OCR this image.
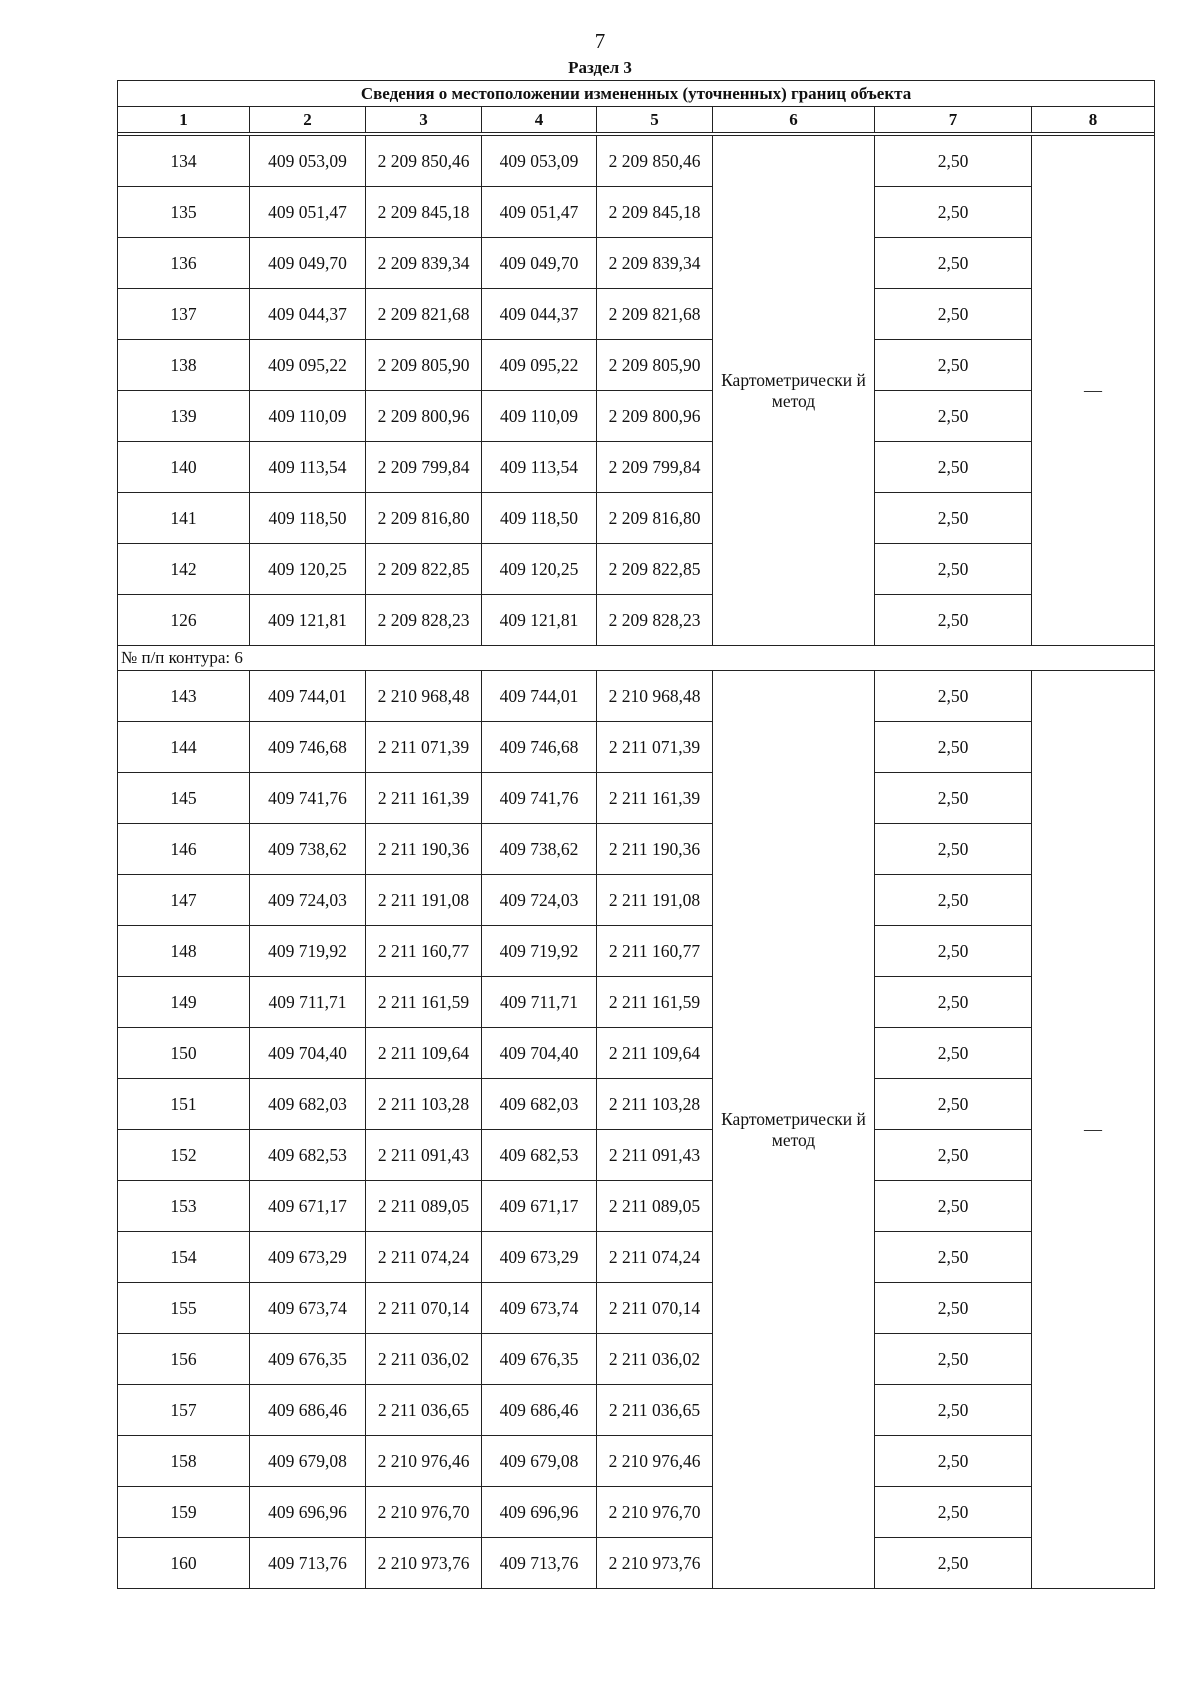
7
Раздел 3
Сведения о местоположении измененных (уточненных) границ объекта							
1	2	3	4	5	6	7	8

134	409 053,09	2 209 850,46	409 053,09	2 209 850,46	Картометрически й метод	2,50	—
135	409 051,47	2 209 845,18	409 051,47	2 209 845,18		2,50	
136	409 049,70	2 209 839,34	409 049,70	2 209 839,34		2,50	
137	409 044,37	2 209 821,68	409 044,37	2 209 821,68		2,50	
138	409 095,22	2 209 805,90	409 095,22	2 209 805,90		2,50	
139	409 110,09	2 209 800,96	409 110,09	2 209 800,96		2,50	
140	409 113,54	2 209 799,84	409 113,54	2 209 799,84		2,50	
141	409 118,50	2 209 816,80	409 118,50	2 209 816,80		2,50	
142	409 120,25	2 209 822,85	409 120,25	2 209 822,85		2,50	
126	409 121,81	2 209 828,23	409 121,81	2 209 828,23		2,50	
№ п/п контура: 6							
143	409 744,01	2 210 968,48	409 744,01	2 210 968,48	Картометрически й метод	2,50	—
144	409 746,68	2 211 071,39	409 746,68	2 211 071,39		2,50	
145	409 741,76	2 211 161,39	409 741,76	2 211 161,39		2,50	
146	409 738,62	2 211 190,36	409 738,62	2 211 190,36		2,50	
147	409 724,03	2 211 191,08	409 724,03	2 211 191,08		2,50	
148	409 719,92	2 211 160,77	409 719,92	2 211 160,77		2,50	
149	409 711,71	2 211 161,59	409 711,71	2 211 161,59		2,50	
150	409 704,40	2 211 109,64	409 704,40	2 211 109,64		2,50	
151	409 682,03	2 211 103,28	409 682,03	2 211 103,28		2,50	
152	409 682,53	2 211 091,43	409 682,53	2 211 091,43		2,50	
153	409 671,17	2 211 089,05	409 671,17	2 211 089,05		2,50	
154	409 673,29	2 211 074,24	409 673,29	2 211 074,24		2,50	
155	409 673,74	2 211 070,14	409 673,74	2 211 070,14		2,50	
156	409 676,35	2 211 036,02	409 676,35	2 211 036,02		2,50	
157	409 686,46	2 211 036,65	409 686,46	2 211 036,65		2,50	
158	409 679,08	2 210 976,46	409 679,08	2 210 976,46		2,50	
159	409 696,96	2 210 976,70	409 696,96	2 210 976,70		2,50	
160	409 713,76	2 210 973,76	409 713,76	2 210 973,76		2,50	
